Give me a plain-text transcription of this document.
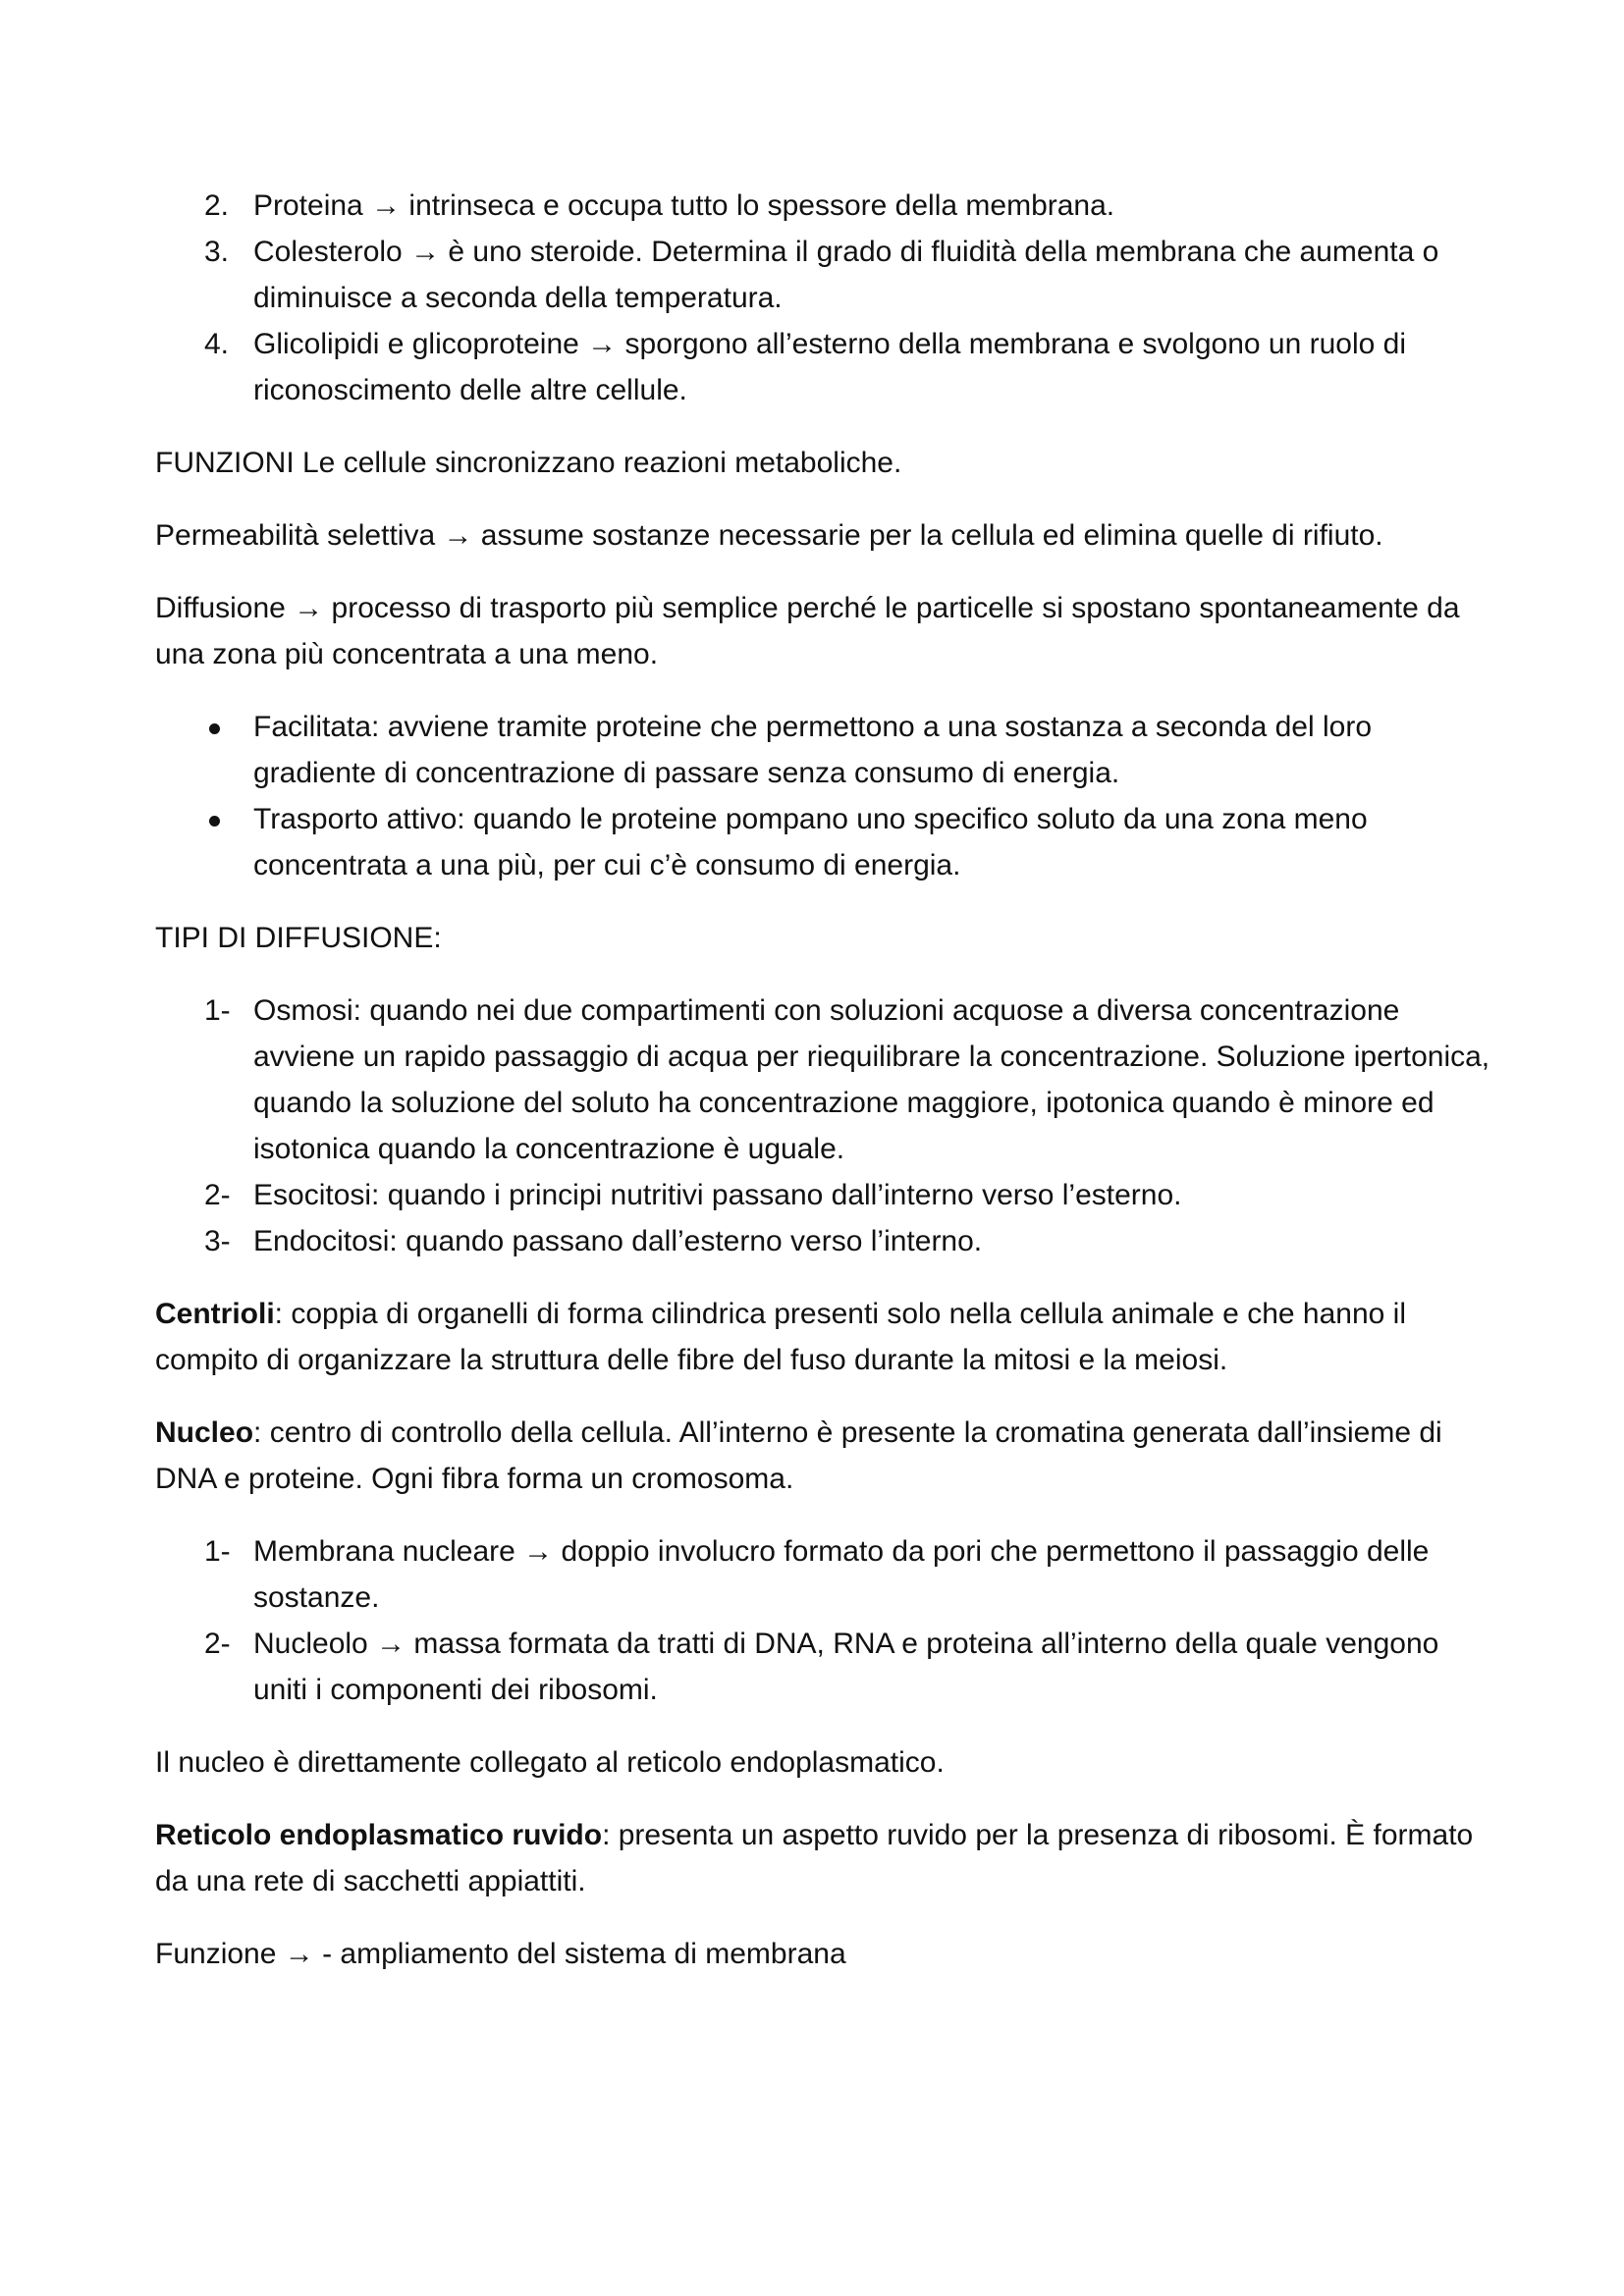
2. Proteina → intrinseca e occupa tutto lo spessore della membrana.
3. Colesterolo → è uno steroide. Determina il grado di fluidità della membrana che aumenta o diminuisce a seconda della temperatura.
4. Glicolipidi e glicoproteine → sporgono all’esterno della membrana e svolgono un ruolo di riconoscimento delle altre cellule.

FUNZIONI Le cellule sincronizzano reazioni metaboliche.

Permeabilità selettiva → assume sostanze necessarie per la cellula ed elimina quelle di rifiuto.

Diffusione → processo di trasporto più semplice perché le particelle si spostano spontaneamente da una zona più concentrata a una meno.

Facilitata: avviene tramite proteine che permettono a una sostanza a seconda del loro gradiente di concentrazione di passare senza consumo di energia.
Trasporto attivo: quando le proteine pompano uno specifico soluto da una zona meno concentrata a una più, per cui c’è consumo di energia.

TIPI DI DIFFUSIONE:

1- Osmosi: quando nei due compartimenti con soluzioni acquose a diversa concentrazione avviene un rapido passaggio di acqua per riequilibrare la concentrazione. Soluzione ipertonica, quando la soluzione del soluto ha concentrazione maggiore, ipotonica quando è minore ed isotonica quando la concentrazione è uguale.
2- Esocitosi: quando i principi nutritivi passano dall’interno verso l’esterno.
3- Endocitosi: quando passano dall’esterno verso l’interno.

Centrioli: coppia di organelli di forma cilindrica presenti solo nella cellula animale e che hanno il compito di organizzare la struttura delle fibre del fuso durante la mitosi e la meiosi.

Nucleo: centro di controllo della cellula. All’interno è presente la cromatina generata dall’insieme di DNA e proteine. Ogni fibra forma un cromosoma.

1- Membrana nucleare → doppio involucro formato da pori che permettono il passaggio delle sostanze.
2- Nucleolo → massa formata da tratti di DNA, RNA e proteina all’interno della quale vengono uniti i componenti dei ribosomi.

Il nucleo è direttamente collegato al reticolo endoplasmatico.

Reticolo endoplasmatico ruvido: presenta un aspetto ruvido per la presenza di ribosomi. È formato da una rete di sacchetti appiattiti.

Funzione → - ampliamento del sistema di membrana
